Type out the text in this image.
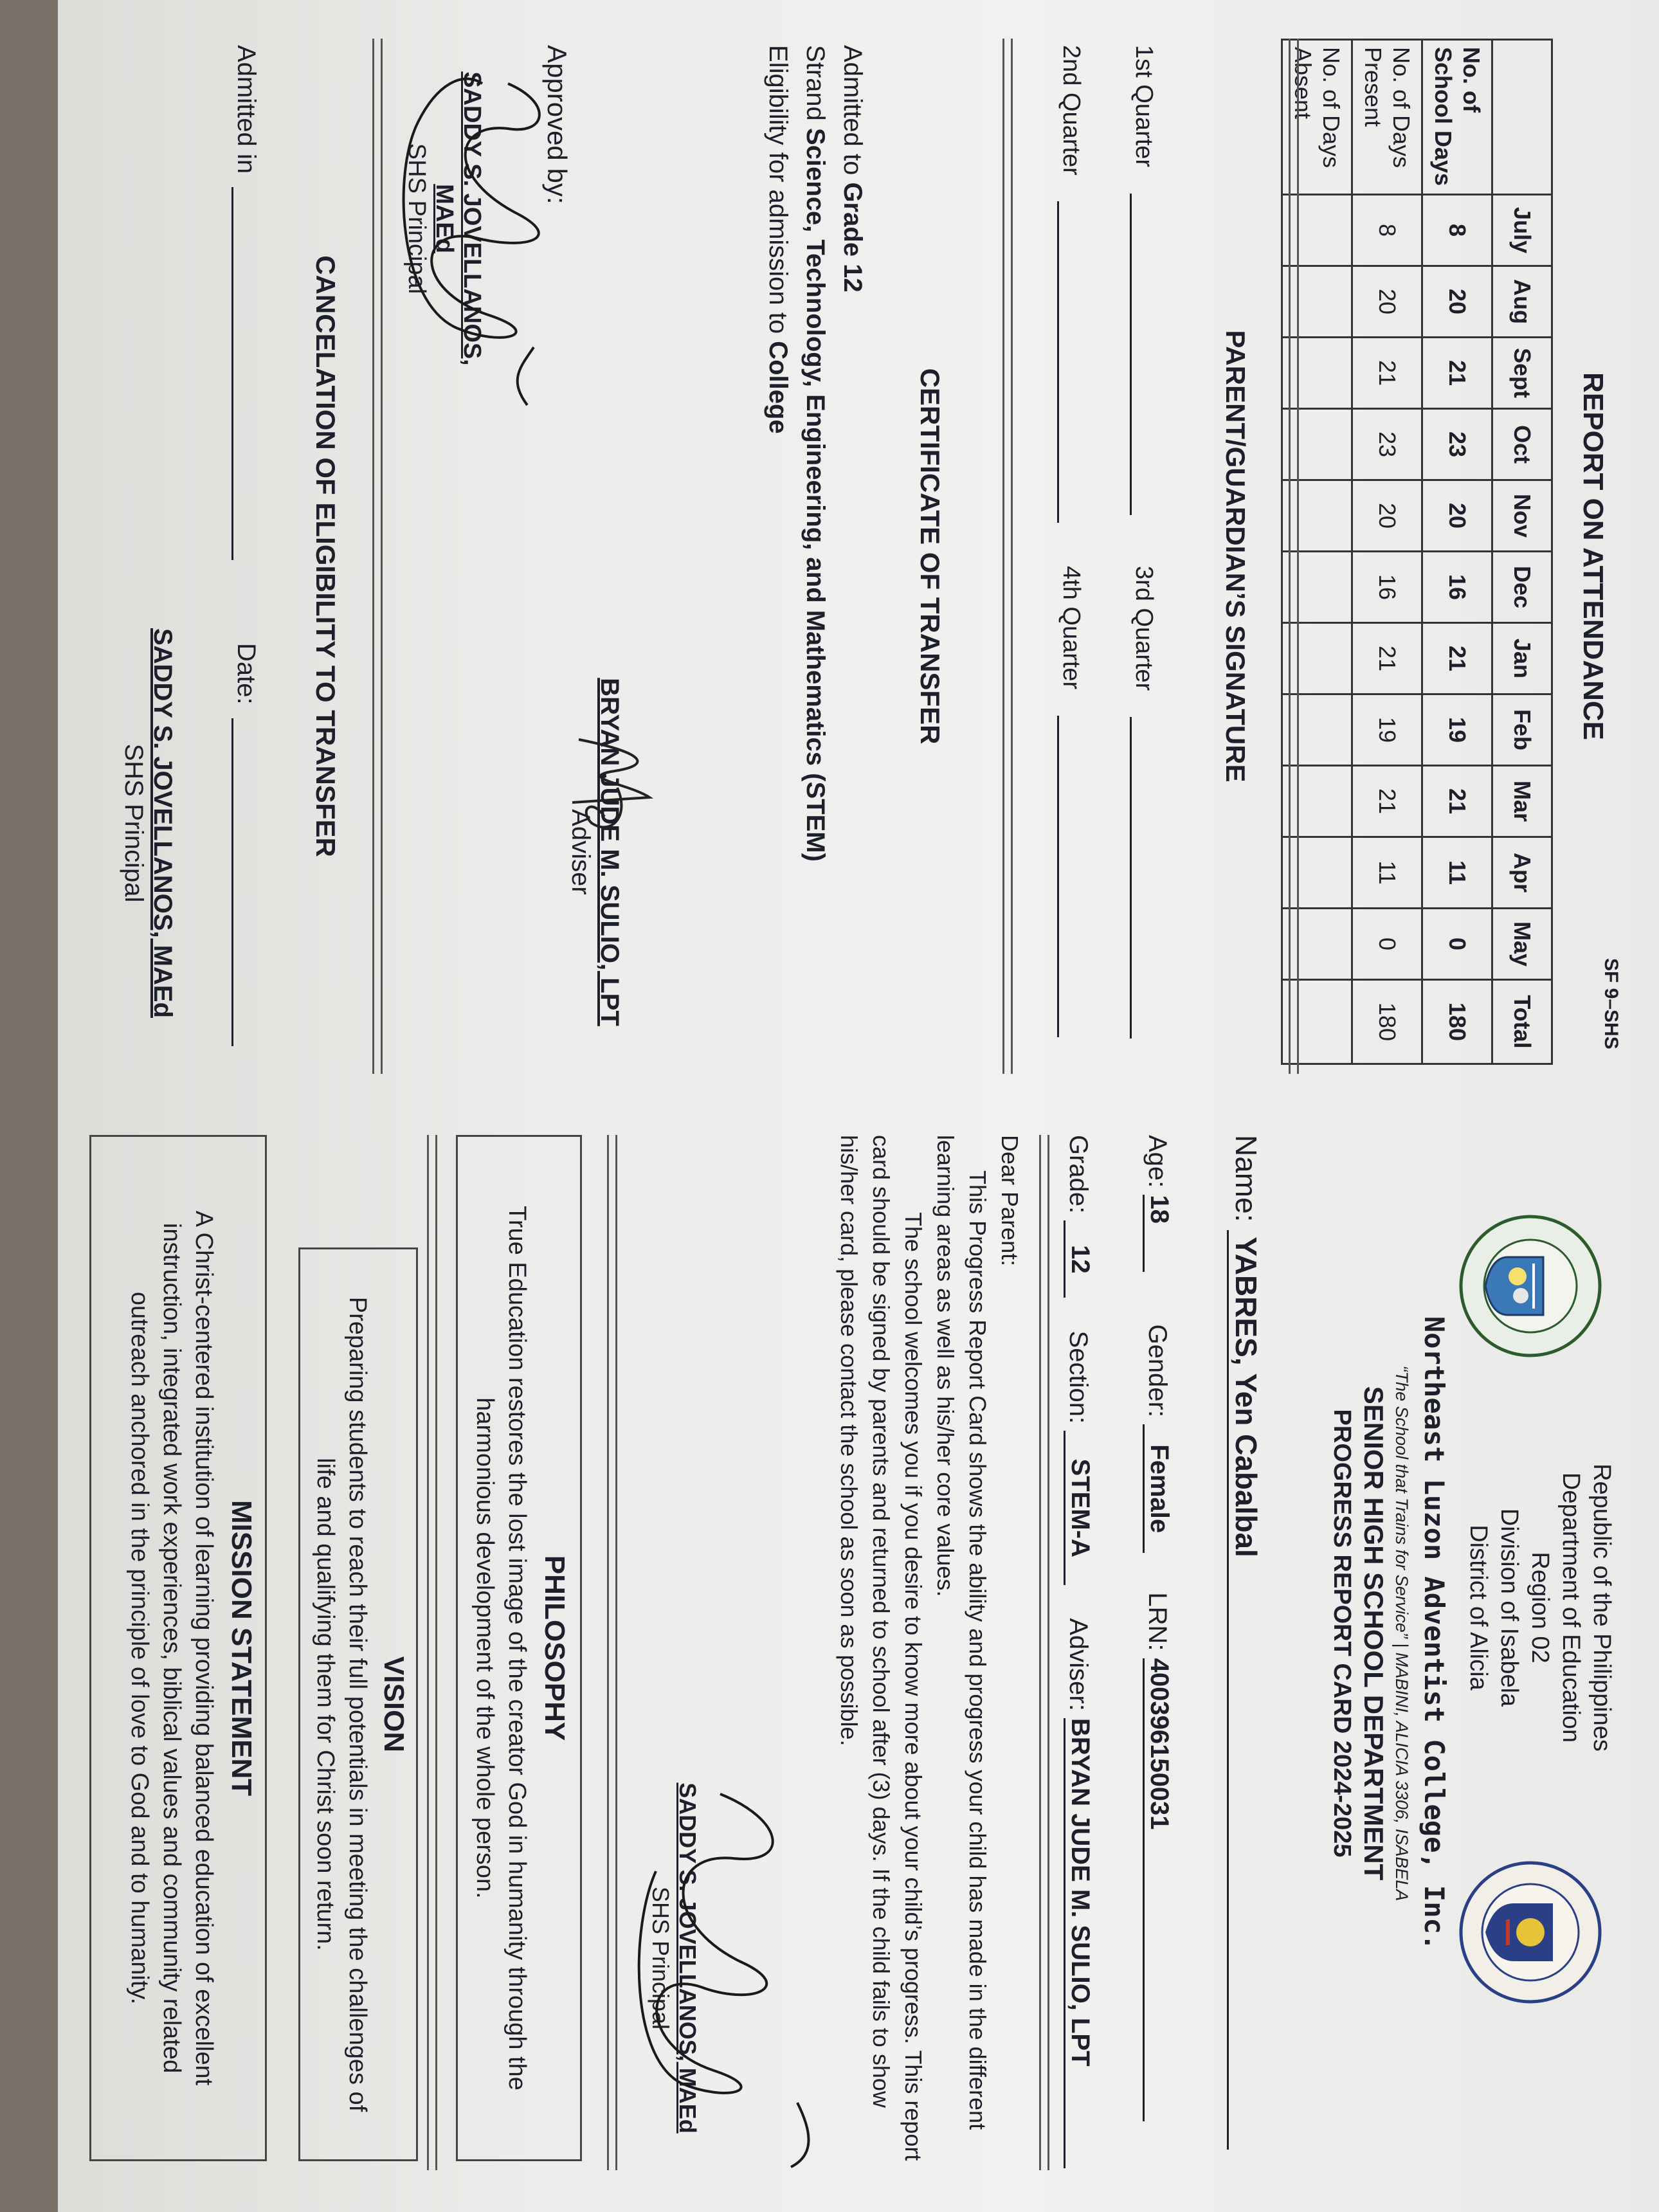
SF 9–SHS
REPORT ON ATTENDANCE
	July	Aug	Sept	Oct	Nov	Dec	Jan	Feb	Mar	Apr	May	Total
No. of School Days	8	20	21	23	20	16	21	19	21	11	0	180
No. of Days Present	8	20	21	23	20	16	21	19	21	11	0	180
No. of Days Absent												
PARENT/GUARDIAN’S SIGNATURE
1st Quarter
3rd Quarter
2nd Quarter
4th Quarter
CERTIFICATE OF TRANSFER
Admitted to Grade 12
Strand Science, Technology, Engineering, and Mathematics (STEM)
Eligibility for admission to College
BRYAN JUDE M. SULIO, LPT
Adviser
Approved by:
SADDY S. JOVELLANOS, MAEd
SHS Principal
CANCELATION OF ELIGIBILITY TO TRANSFER
Admitted in
Date:
SADDY S. JOVELLANOS, MAEd
SHS Principal
Republic of the Philippines
Department of Education
Region 02
Division of Isabela
District of Alicia
Northeast Luzon Adventist College, Inc.
“The School that Trains for Service” | MABINI, ALICIA 3306, ISABELA
SENIOR HIGH SCHOOL DEPARTMENT
PROGRESS REPORT CARD 2024-2025
Name: YABRES, Yen Cabalbal
Age: 18 Gender: Female LRN: 400396150031
Grade: 12 Section: STEM-A Adviser: BRYAN JUDE M. SULIO, LPT
Dear Parent:
This Progress Report Card shows the ability and progress your child has made in the different learning areas as well as his/her core values.
The school welcomes you if you desire to know more about your child’s progress. This report card should be signed by parents and returned to school after (3) days. If the child fails to show his/her card, please contact the school as soon as possible.
SADDY S. JOVELLANOS, MAEd
SHS Principal
PHILOSOPHY
True Education restores the lost image of the creator God in humanity through the harmonious development of the whole person.
VISION
Preparing students to reach their full potentials in meeting the challenges of life and qualifying them for Christ soon return.
MISSION STATEMENT
A Christ-centered institution of learning providing balanced education of excellent instruction, integrated work experiences, biblical values and community related outreach anchored in the principle of love to God and to humanity.
